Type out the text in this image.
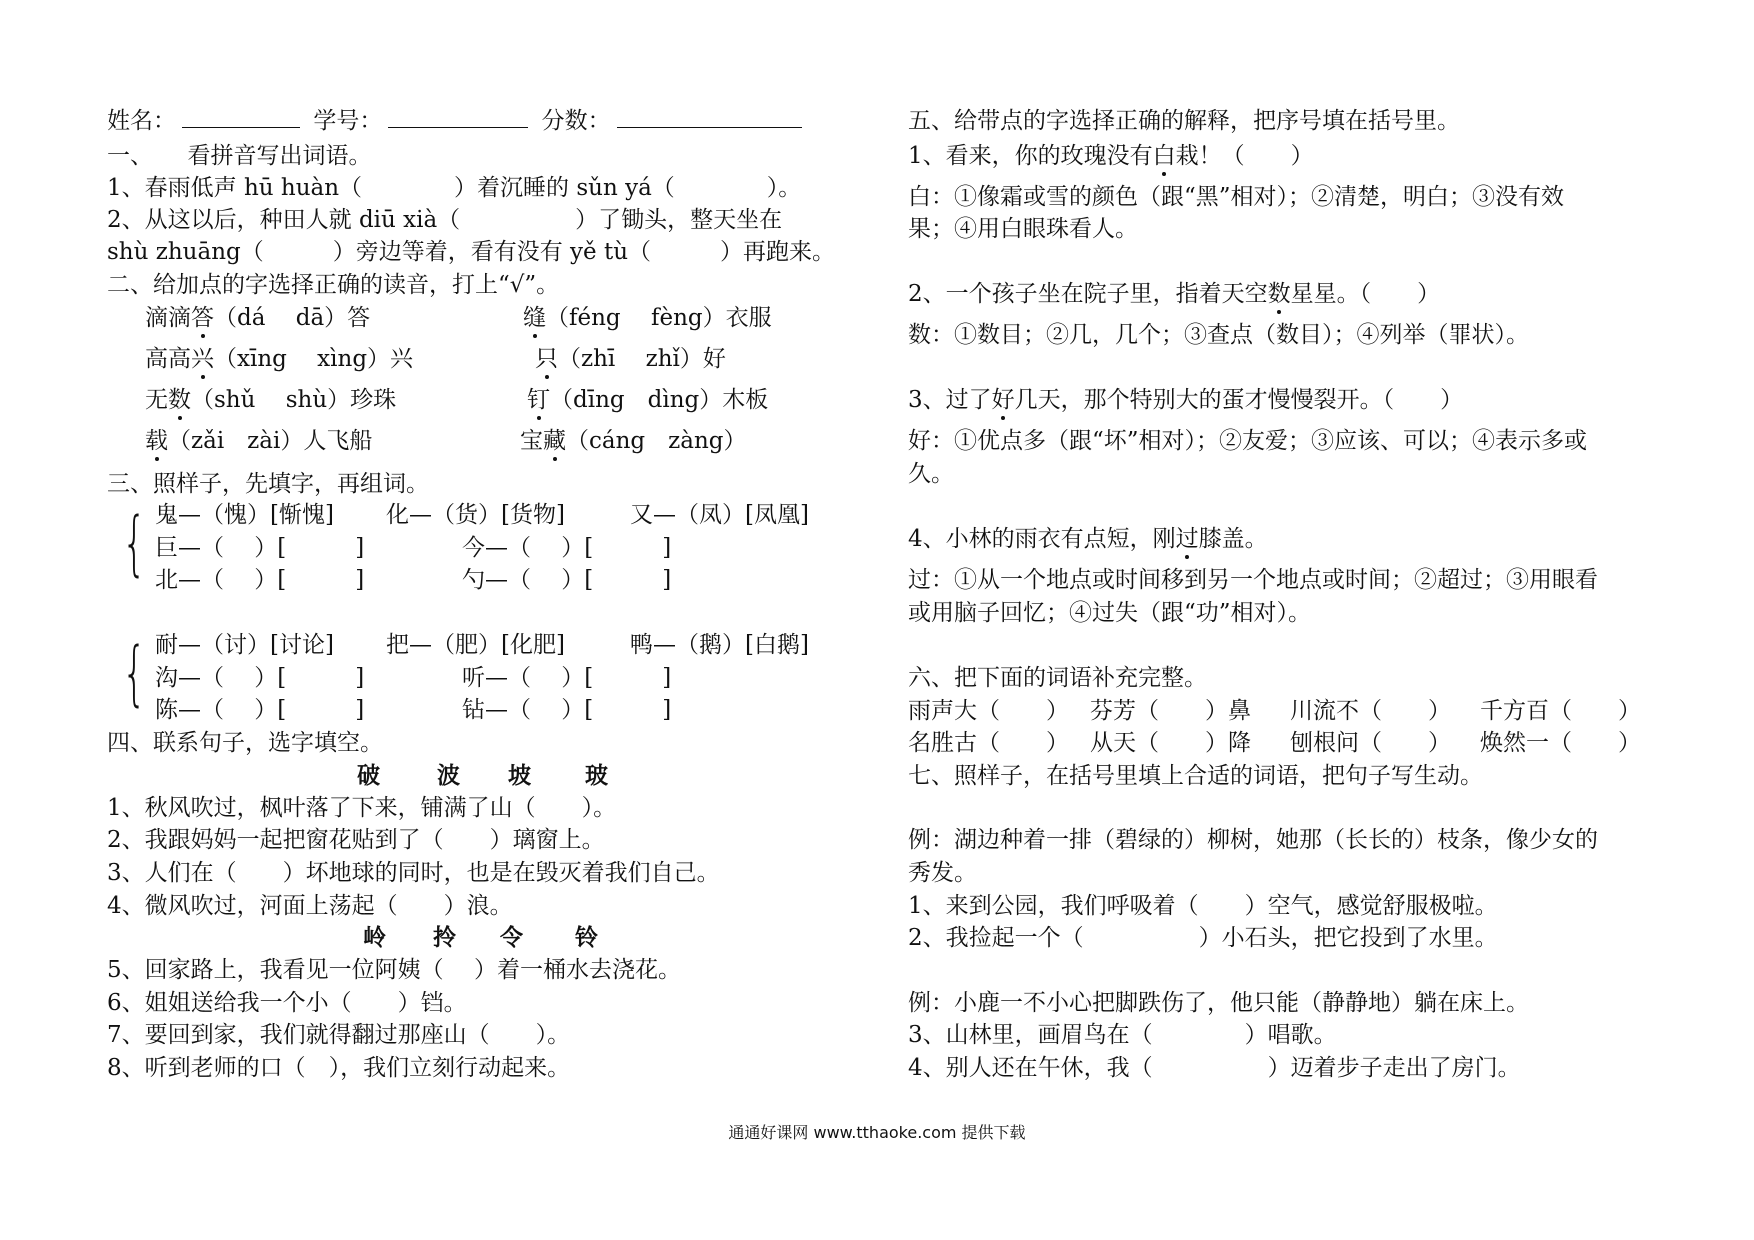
姓名：	学号：	分数：
一、　　看拼音写出词语。
1、春雨低声 hū huàn（　　　　）着沉睡的 sǔn yá（　　　　）。
2、从这以后，种田人就 diū xià（　　　　　）了锄头，整天坐在
shù zhuāng（　　　）旁边等着，看有没有 yě tù（　　　）再跑来。
二、给加点的字选择正确的读音，打上“√”。
滴滴答（dá　 dā）答	缝（féng　 fèng）衣服
高高兴（xīng　 xìng）兴	只（zhī　 zhǐ）好
无数（shǔ　 shù）珍珠	钉（dīng　dìng）木板
载（zǎi　zài）人飞船	宝藏（cáng　zàng）
三、照样子，先填字，再组词。
{ 鬼—（愧）[惭愧] 化—（货）[货物]	又—（凤）[凤凰]
巨—（　 ）[　　　]	今—（　 ）[　　　]
北—（　 ）[　　　]	勺—（　 ）[　　　]
{ 耐—（讨）[讨论] 把—（肥）[化肥]	鸭—（鹅）[白鹅]
沟—（　 ）[　　　]	听—（　 ）[　　　]
陈—（　 ）[　　　]	钻—（　 ）[　　　]
四、联系句子，选字填空。
破 波 坡 玻
1、秋风吹过，枫叶落了下来，铺满了山（　　）。
2、我跟妈妈一起把窗花贴到了（　　）璃窗上。
3、人们在（　　）坏地球的同时，也是在毁灭着我们自己。
4、微风吹过，河面上荡起（　　）浪。
岭 拎 令 铃
5、回家路上，我看见一位阿姨（　 ）着一桶水去浇花。
6、姐姐送给我一个小（　　）铛。
7、要回到家，我们就得翻过那座山（　　）。
8、听到老师的口（　），我们立刻行动起来。
五、给带点的字选择正确的解释，把序号填在括号里。
1、看来，你的玫瑰没有白栽！（　　）
白：①像霜或雪的颜色（跟“黑”相对）；②清楚，明白；③没有效
果；④用白眼珠看人。
2、一个孩子坐在院子里，指着天空数星星。（　　）
数：①数目；②几，几个；③查点（数目）；④列举（罪状）。
3、过了好几天，那个特别大的蛋才慢慢裂开。（　　）
好：①优点多（跟“坏”相对）；②友爱；③应该、可以；④表示多或
久。
4、小林的雨衣有点短，刚过膝盖。
过：①从一个地点或时间移到另一个地点或时间；②超过；③用眼看
或用脑子回忆；④过失（跟“功”相对）。
六、把下面的词语补充完整。
雨声大（　　） 芬芳（　　）鼻 川流不（　　） 千方百（　　）
名胜古（　　） 从天（　　）降 刨根问（　　） 焕然一（　　）
七、照样子，在括号里填上合适的词语，把句子写生动。
例：湖边种着一排（碧绿的）柳树，她那（长长的）枝条，像少女的
秀发。
1、来到公园，我们呼吸着（　　）空气，感觉舒服极啦。
2、我捡起一个（　　　　　）小石头，把它投到了水里。
例：小鹿一不小心把脚跌伤了，他只能（静静地）躺在床上。
3、山林里，画眉鸟在（　　　　）唱歌。
4、别人还在午休，我（　　　　　）迈着步子走出了房门。
通通好课网 www.tthaoke.com 提供下载
